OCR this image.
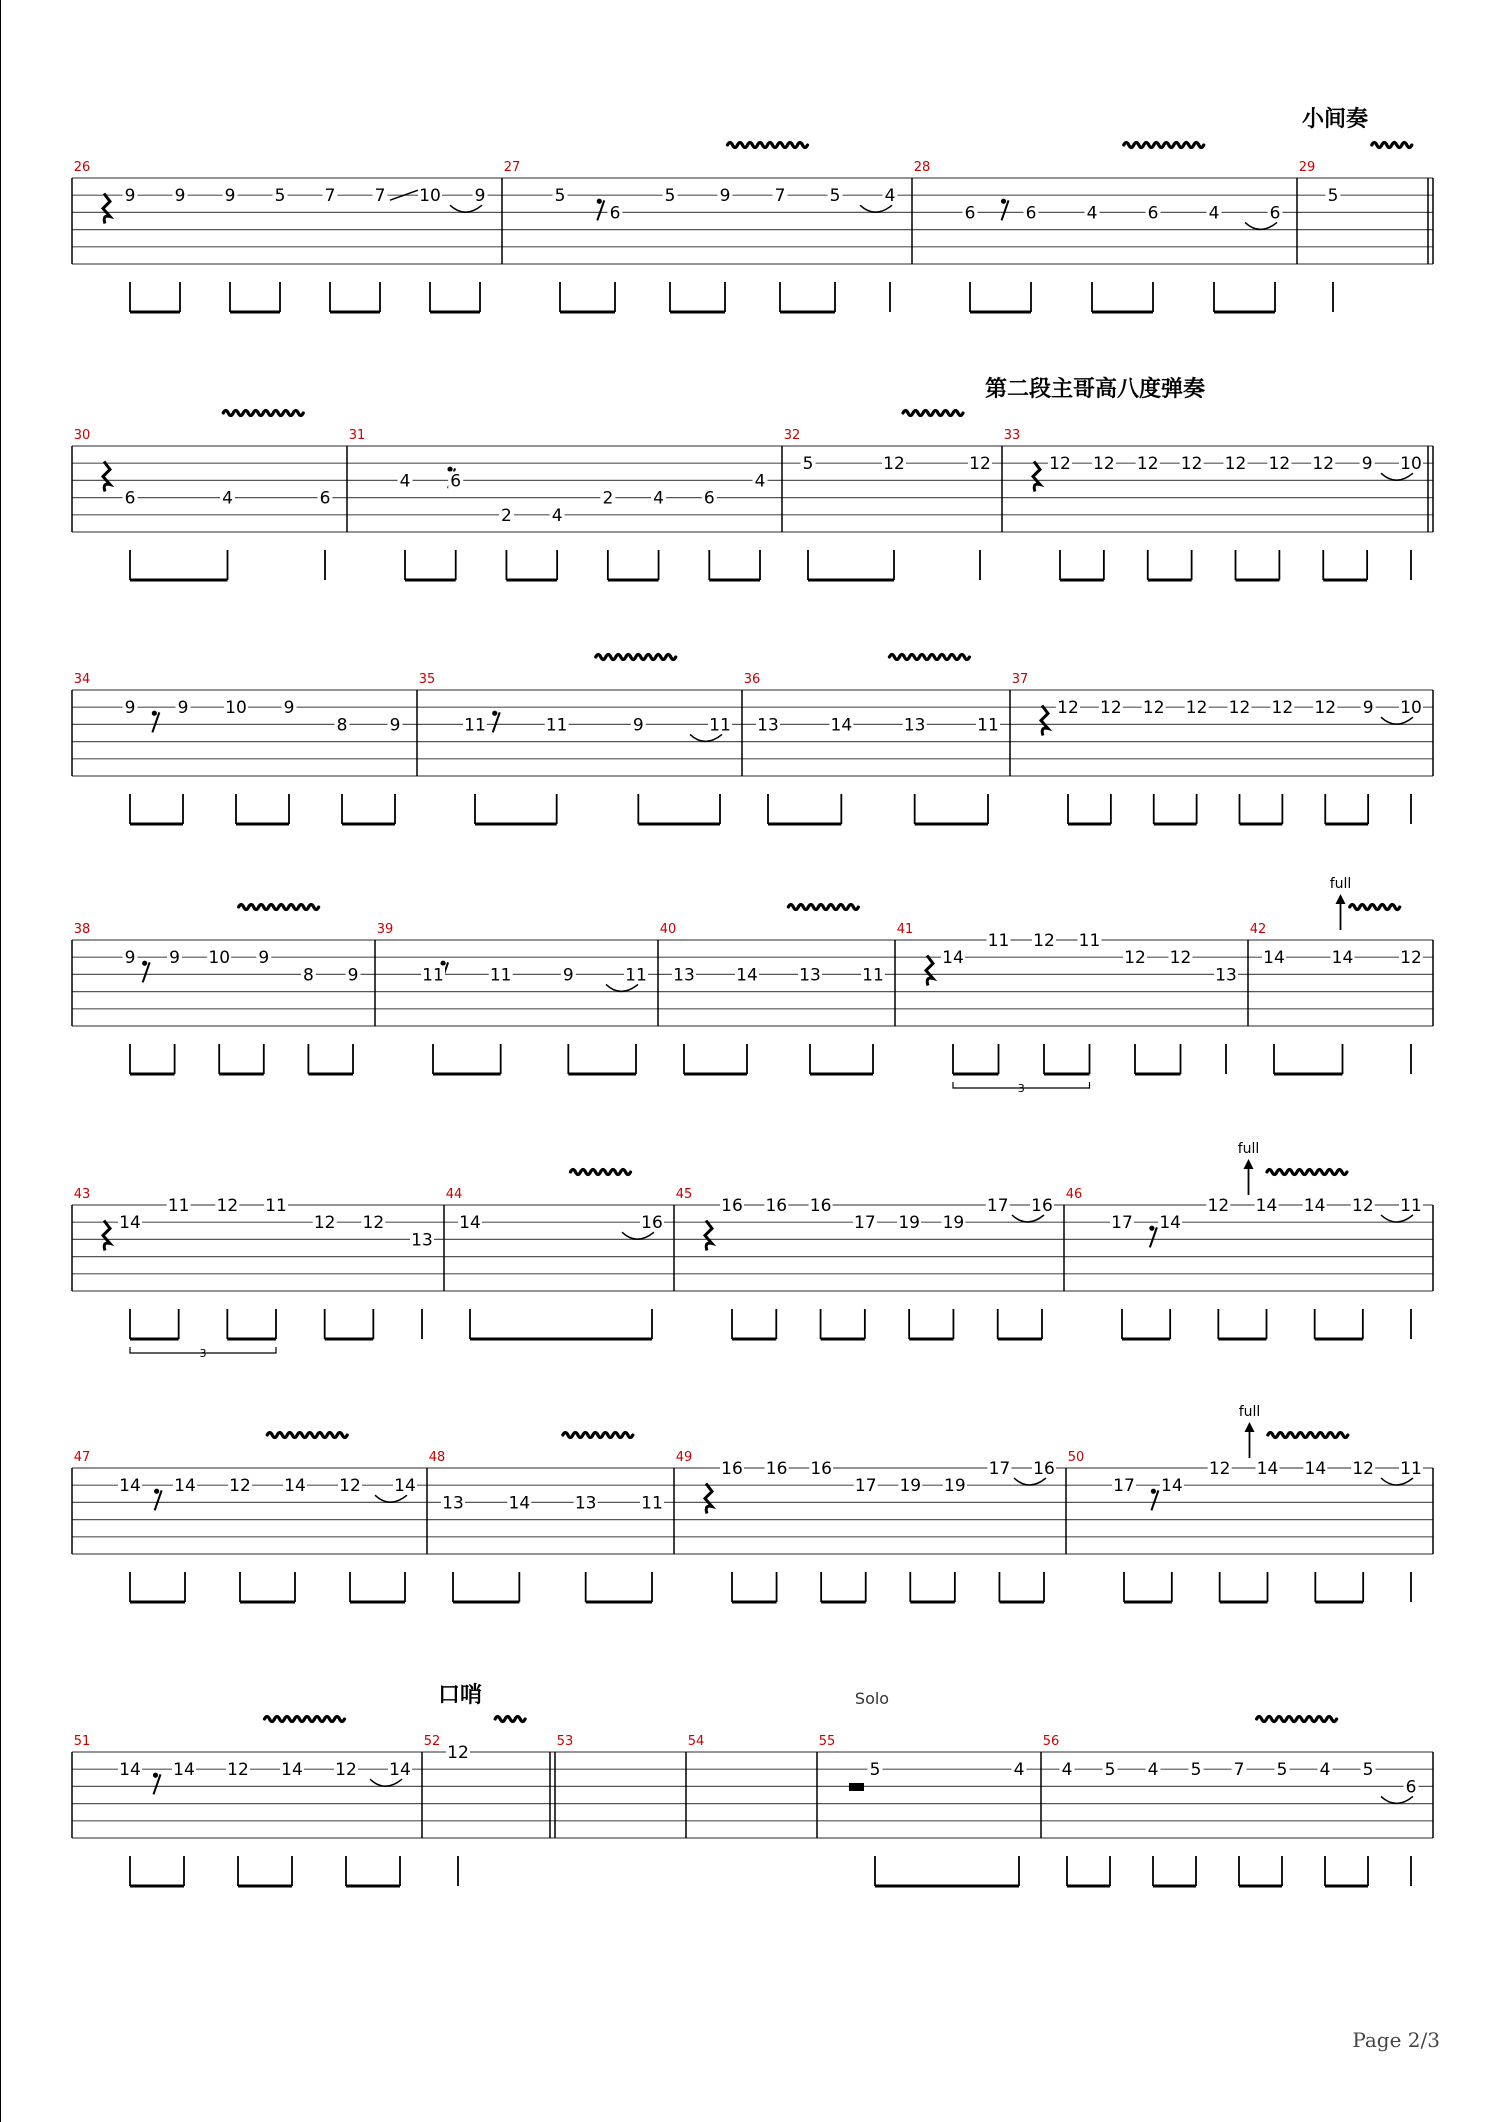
小间奏
26
9 9 9 5 7 7 10 9
27
5
6
5	9	7	5	4
28
6	6	4	6	4	6
29
5
第二段主哥高八度弹奏
30
6	4	6
31
4 6
2 4
2 4 6
4
32
5	12	12
33
12 12 12 12 12 12 12 9 10
34
9 9 10 9
8 9
35
11	11	9	11
36
13	14	13	11
37
12 12 12 12 12 12 12 9 10
38
9 9 10 9
8 9
39
11	11	9	11
40
13 14 13 11
41
14
11 12 11
12 12
13
3
42
14	14	12
full
43
14
11 12 11
12 12
13
3
44
14	16
45
16 16 16
17 19 19
17 16
46
17 14
12 14 14 12 11
full
47
14 14 12 14 12 14
48
13	14	13	11
49
16 16 16
17 19 19
17 16
50
17 14
12 14 14 12 11
full
口哨	Solo
51
14 14 12 14 12 14
52
12
53	54	55
5	4
56
4 5 4 5 7 5 4 5
6
Page 2/3
